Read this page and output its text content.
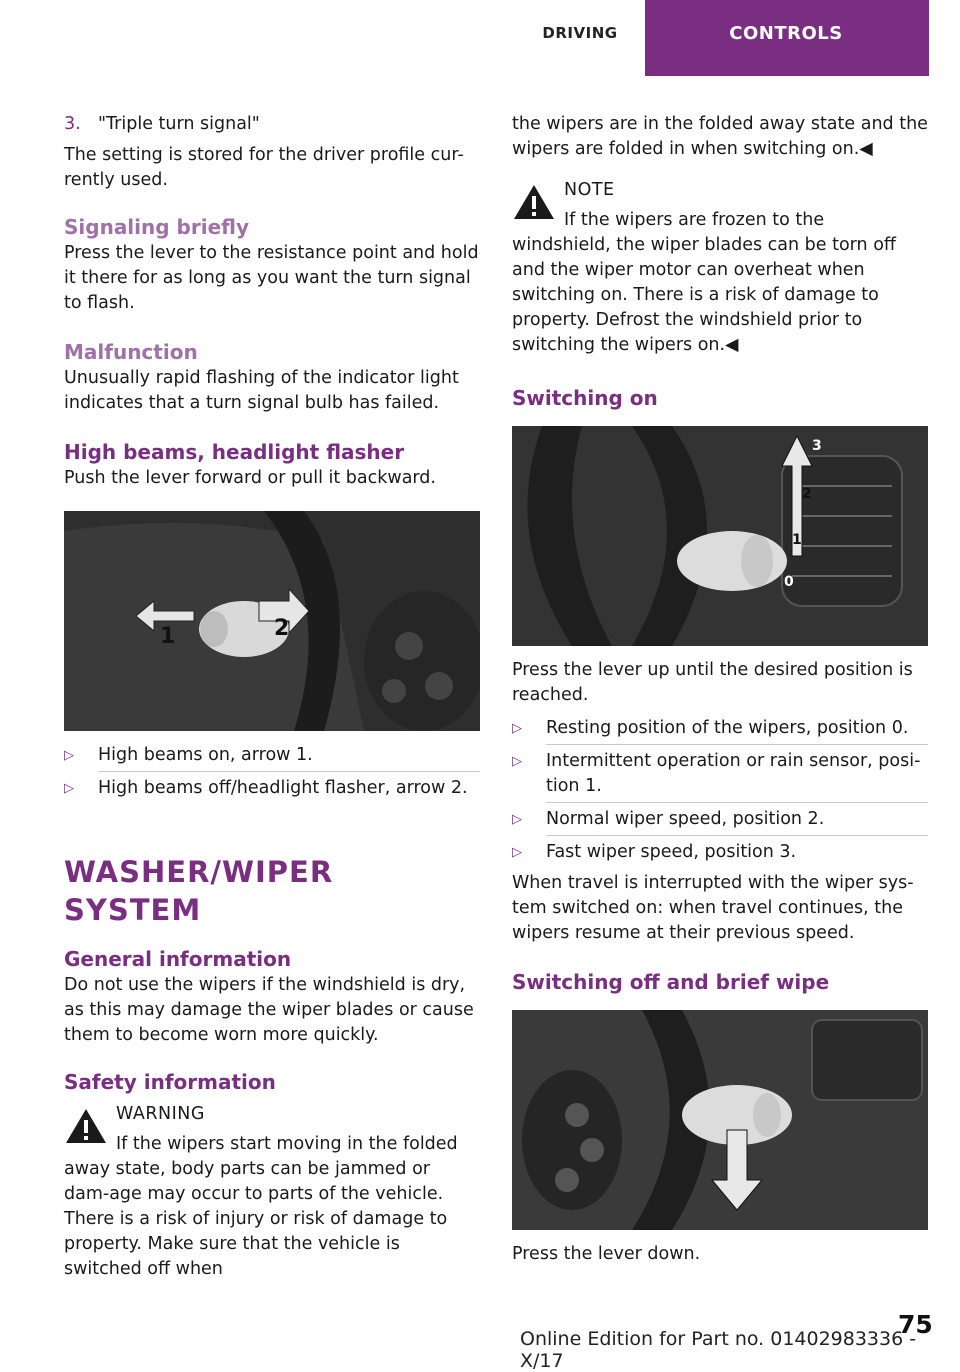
DRIVING	CONTROLS
3. "Triple turn signal"

The setting is stored for the driver profile cur-rently used.

Signaling briefly

Press the lever to the resistance point and hold it there for as long as you want the turn signal to flash.

Malfunction

Unusually rapid flashing of the indicator light indicates that a turn signal bulb has failed.

High beams, headlight flasher

Push the lever forward or pull it backward.

1	2
▷	High beams on, arrow 1.
▷	High beams off/headlight flasher, arrow 2.
WASHER/WIPER SYSTEM
General information

Do not use the wipers if the windshield is dry, as this may damage the wiper blades or cause them to become worn more quickly.

Safety information
WARNING

If the wipers start moving in the folded away state, body parts can be jammed or dam-age may occur to parts of the vehicle. There is a risk of injury or risk of damage to property. Make sure that the vehicle is switched off when

the wipers are in the folded away state and the wipers are folded in when switching on.◀

NOTE

If the wipers are frozen to the windshield, the wiper blades can be torn off and the wiper motor can overheat when switching on. There is a risk of damage to property. Defrost the windshield prior to switching the wipers on.◀

Switching on
3
2
1
0

Press the lever up until the desired position is reached.

▷	Resting position of the wipers, position 0.
▷	Intermittent operation or rain sensor, posi-tion 1.
▷	Normal wiper speed, position 2.
▷	Fast wiper speed, position 3.

When travel is interrupted with the wiper sys-tem switched on: when travel continues, the wipers resume at their previous speed.

Switching off and brief wipe

Press the lever down.

Online Edition for Part no. 01402983336 - X/17
75
